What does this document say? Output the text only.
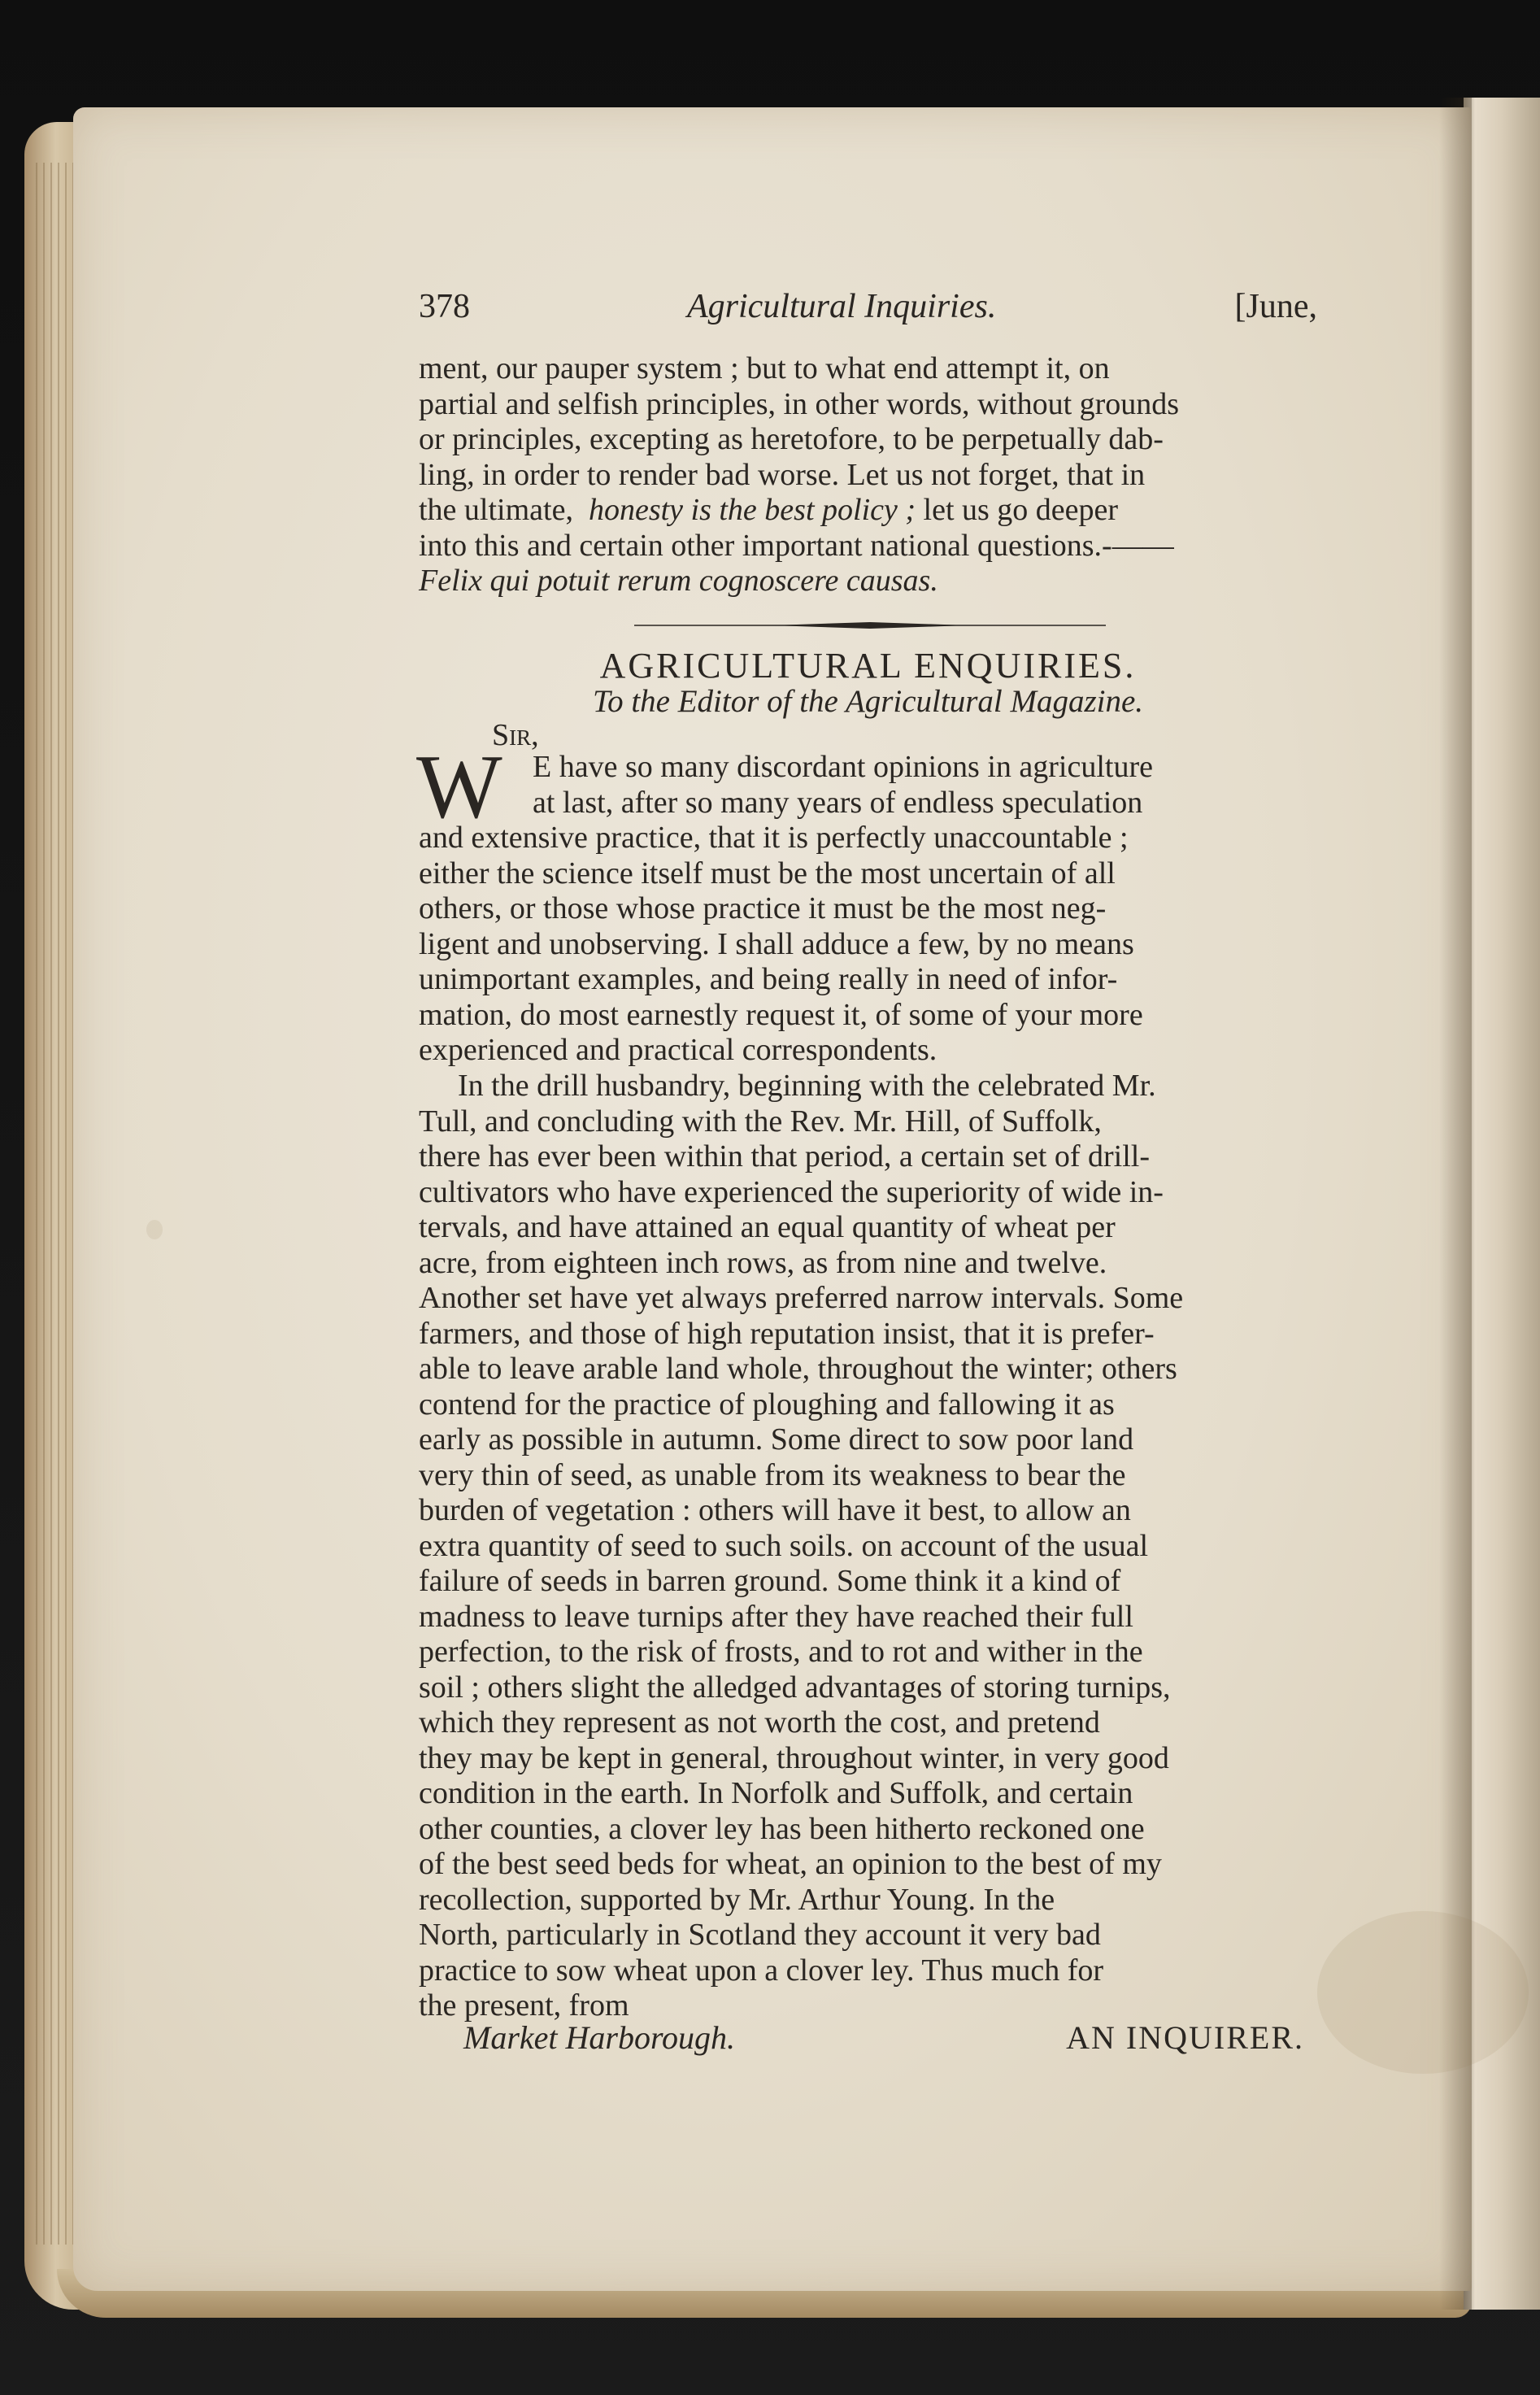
378	Agricultural Inquiries.	[June,

ment, our pauper system ; but to what end attempt it, on
partial and selfish principles, in other words, without grounds
or principles, excepting as heretofore, to be perpetually dab-
ling, in order to render bad worse. Let us not forget, that in
the ultimate, honesty is the best policy ; let us go deeper
into this and certain other important national questions.-——
Felix qui potuit rerum cognoscere causas.

AGRICULTURAL ENQUIRIES.
To the Editor of the Agricultural Magazine.
Sir,
W E have so many discordant opinions in agriculture
at last, after so many years of endless speculation

and extensive practice, that it is perfectly unaccountable ;
either the science itself must be the most uncertain of all
others, or those whose practice it must be the most neg-
ligent and unobserving. I shall adduce a few, by no means
unimportant examples, and being really in need of infor-
mation, do most earnestly request it, of some of your more
experienced and practical correspondents.

In the drill husbandry, beginning with the celebrated Mr.
Tull, and concluding with the Rev. Mr. Hill, of Suffolk,
there has ever been within that period, a certain set of drill-
cultivators who have experienced the superiority of wide in-
tervals, and have attained an equal quantity of wheat per
acre, from eighteen inch rows, as from nine and twelve.
Another set have yet always preferred narrow intervals. Some
farmers, and those of high reputation insist, that it is prefer-
able to leave arable land whole, throughout the winter; others
contend for the practice of ploughing and fallowing it as
early as possible in autumn. Some direct to sow poor land
very thin of seed, as unable from its weakness to bear the
burden of vegetation : others will have it best, to allow an
extra quantity of seed to such soils. on account of the usual
failure of seeds in barren ground. Some think it a kind of
madness to leave turnips after they have reached their full
perfection, to the risk of frosts, and to rot and wither in the
soil ; others slight the alledged advantages of storing turnips,
which they represent as not worth the cost, and pretend
they may be kept in general, throughout winter, in very good
condition in the earth. In Norfolk and Suffolk, and certain
other counties, a clover ley has been hitherto reckoned one
of the best seed beds for wheat, an opinion to the best of my
recollection, supported by Mr. Arthur Young. In the
North, particularly in Scotland they account it very bad
practice to sow wheat upon a clover ley. Thus much for
the present, from

Market Harborough.	AN INQUIRER.
